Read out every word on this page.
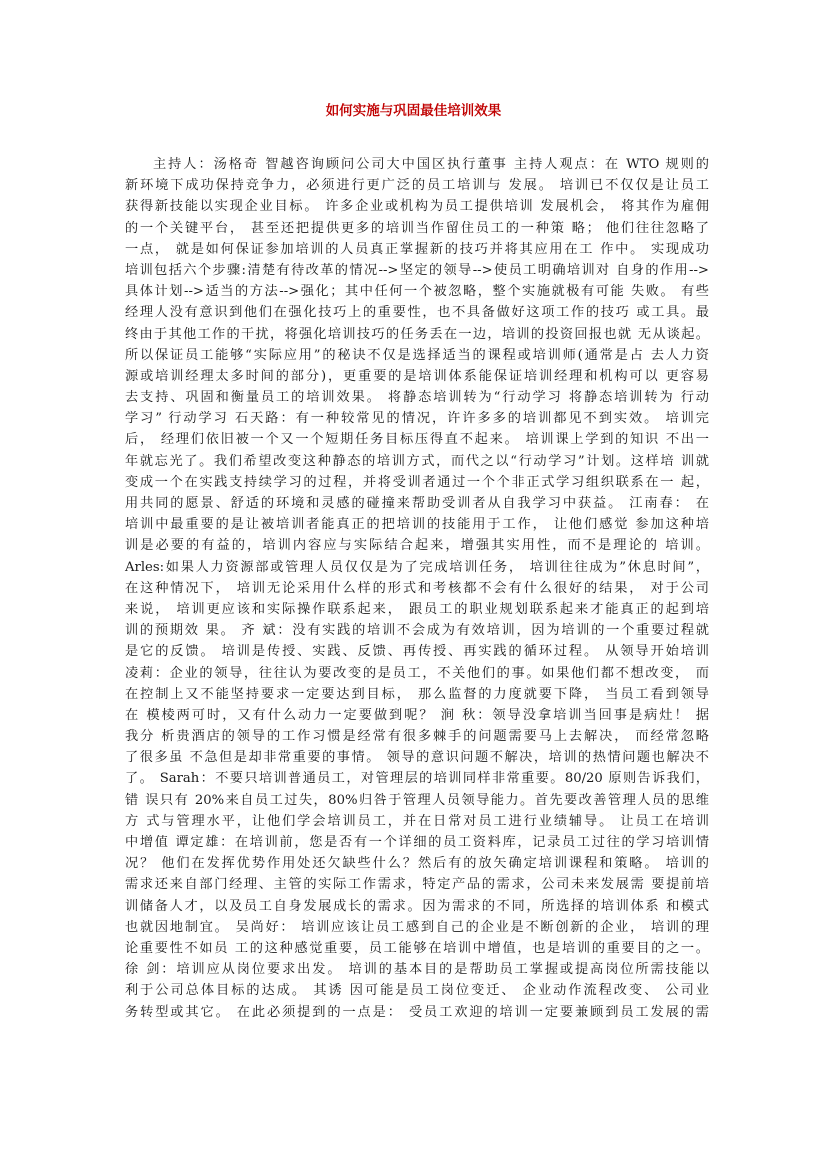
如何实施与巩固最佳培训效果
主持人：汤格奇 智越咨询顾问公司大中国区执行董事 主持人观点：在 WTO 规则的
新环境下成功保持竞争力，必须进行更广泛的员工培训与 发展。 培训已不仅仅是让员工
获得新技能以实现企业目标。 许多企业或机构为员工提供培训 发展机会， 将其作为雇佣
的一个关键平台， 甚至还把提供更多的培训当作留住员工的一种策 略； 他们往往忽略了
一点， 就是如何保证参加培训的人员真正掌握新的技巧并将其应用在工 作中。 实现成功
培训包括六个步骤:清楚有待改革的情况-->坚定的领导-->使员工明确培训对 自身的作用-->
具体计划-->适当的方法-->强化；其中任何一个被忽略，整个实施就极有可能 失败。 有些
经理人没有意识到他们在强化技巧上的重要性，也不具备做好这项工作的技巧 或工具。最
终由于其他工作的干扰，将强化培训技巧的任务丢在一边，培训的投资回报也就 无从谈起。
所以保证员工能够“实际应用”的秘诀不仅是选择适当的课程或培训师(通常是占 去人力资
源或培训经理太多时间的部分)，更重要的是培训体系能保证培训经理和机构可以 更容易
去支持、巩固和衡量员工的培训效果。 将静态培训转为“行动学习 将静态培训转为 行动
学习” 行动学习 石天路：有一种较常见的情况，许许多多的培训都见不到实效。 培训完
后， 经理们依旧被一个又一个短期任务目标压得直不起来。 培训课上学到的知识 不出一
年就忘光了。我们希望改变这种静态的培训方式，而代之以“行动学习”计划。这样培 训就
变成一个在实践支持续学习的过程，并将受训者通过一个个非正式学习组织联系在一 起，
用共同的愿景、舒适的环境和灵感的碰撞来帮助受训者从自我学习中获益。 江南春： 在
培训中最重要的是让被培训者能真正的把培训的技能用于工作， 让他们感觉 参加这种培
训是必要的有益的，培训内容应与实际结合起来，增强其实用性，而不是理论的 培训。
Arles:如果人力资源部或管理人员仅仅是为了完成培训任务， 培训往往成为”休息时间”，
在这种情况下， 培训无论采用什么样的形式和考核都不会有什么很好的结果， 对于公司
来说， 培训更应该和实际操作联系起来， 跟员工的职业规划联系起来才能真正的起到培
训的预期效 果。 齐 斌：没有实践的培训不会成为有效培训，因为培训的一个重要过程就
是它的反馈。 培训是传授、实践、反馈、再传授、再实践的循环过程。 从领导开始培训
凌莉：企业的领导，往往认为要改变的是员工，不关他们的事。如果他们都不想改变， 而
在控制上又不能坚持要求一定要达到目标， 那么监督的力度就要下降， 当员工看到领导
在 模棱两可时，又有什么动力一定要做到呢？ 涧 秋：领导没拿培训当回事是病灶！ 据
我分 析贵酒店的领导的工作习惯是经常有很多棘手的问题需要马上去解决， 而经常忽略
了很多虽 不急但是却非常重要的事情。 领导的意识问题不解决，培训的热情问题也解决不
了。 Sarah：不要只培训普通员工，对管理层的培训同样非常重要。80/20 原则告诉我们，
错 误只有 20%来自员工过失，80%归咎于管理人员领导能力。首先要改善管理人员的思维
方 式与管理水平，让他们学会培训员工，并在日常对员工进行业绩辅导。 让员工在培训
中增值 谭定雄：在培训前，您是否有一个详细的员工资料库，记录员工过往的学习培训情
况？ 他们在发挥优势作用处还欠缺些什么？然后有的放矢确定培训课程和策略。 培训的
需求还来自部门经理、主管的实际工作需求，特定产品的需求，公司未来发展需 要提前培
训储备人才，以及员工自身发展成长的需求。因为需求的不同，所选择的培训体系 和模式
也就因地制宜。 吴尚好： 培训应该让员工感到自己的企业是不断创新的企业， 培训的理
论重要性不如员 工的这种感觉重要，员工能够在培训中增值，也是培训的重要目的之一。
徐 剑：培训应从岗位要求出发。 培训的基本目的是帮助员工掌握或提高岗位所需技能以
利于公司总体目标的达成。 其诱 因可能是员工岗位变迁、 企业动作流程改变、 公司业
务转型或其它。 在此必须提到的一点是： 受员工欢迎的培训一定要兼顾到员工发展的需
